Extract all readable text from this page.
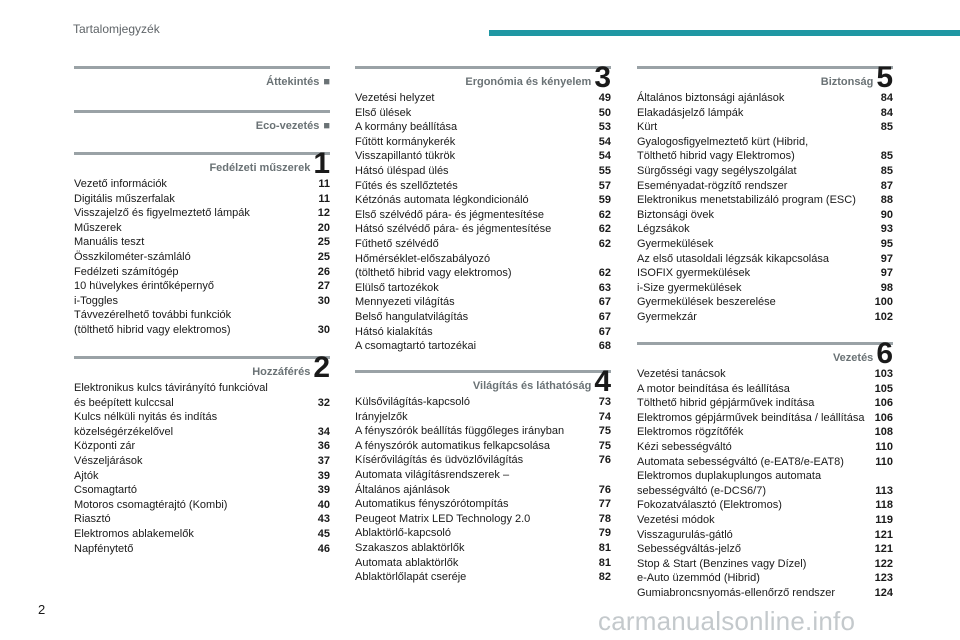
Tartalomjegyzék
Áttekintés ■
Eco-vezetés ■
Fedélzeti műszerek 1
Vezető információk	11
Digitális műszerfalak	11
Visszajelző és figyelmeztető lámpák	12
Műszerek	20
Manuális teszt	25
Összkilométer-számláló	25
Fedélzeti számítógép	26
10 hüvelykes érintőképernyő	27
i-Toggles	30
Távvezérelhető további funkciók
(tölthető hibrid vagy elektromos)	30
Hozzáférés 2
Elektronikus kulcs távirányító funkcióval
és beépített kulccsal	32
Kulcs nélküli nyitás és indítás
közelségérzékelővel	34
Központi zár	36
Vészeljárások	37
Ajtók	39
Csomagtartó	39
Motoros csomagtérajtó (Kombi)	40
Riasztó	43
Elektromos ablakemelők	45
Napfénytető	46
Ergonómia és kényelem 3
Vezetési helyzet	49
Első ülések	50
A kormány beállítása	53
Fűtött kormánykerék	54
Visszapillantó tükrök	54
Hátsó üléspad ülés	55
Fűtés és szellőztetés	57
Kétzónás automata légkondicionáló	59
Első szélvédő pára- és jégmentesítése	62
Hátsó szélvédő pára- és jégmentesítése	62
Fűthető szélvédő	62
Hőmérséklet-előszabályozó
(tölthető hibrid vagy elektromos)	62
Elülső tartozékok	63
Mennyezeti világítás	67
Belső hangulatvilágítás	67
Hátsó kialakítás	67
A csomagtartó tartozékai	68
Világítás és láthatóság 4
Külsővilágítás-kapcsoló	73
Irányjelzők	74
A fényszórók beállítás függőleges irányban	75
A fényszórók automatikus felkapcsolása	75
Kísérővilágítás és üdvözlővilágítás	76
Automata világításrendszerek –
Általános ajánlások	76
Automatikus fényszórótompítás	77
Peugeot Matrix LED Technology 2.0	78
Ablaktörlő-kapcsoló	79
Szakaszos ablaktörlők	81
Automata ablaktörlők	81
Ablaktörlőlapát cseréje	82
Biztonság 5
Általános biztonsági ajánlások	84
Elakadásjelző lámpák	84
Kürt	85
Gyalogosfigyelmeztető kürt (Hibrid,
Tölthető hibrid vagy Elektromos)	85
Sürgősségi vagy segélyszolgálat	85
Eseményadat-rögzítő rendszer	87
Elektronikus menetstabilizáló program (ESC) 88
Biztonsági övek	90
Légzsákok	93
Gyermekülések	95
Az első utasoldali légzsák kikapcsolása	97
ISOFIX gyermekülések	97
i-Size gyermekülések	98
Gyermekülések beszerelése	100
Gyermekzár	102
Vezetés 6
Vezetési tanácsok	103
A motor beindítása és leállítása	105
Tölthető hibrid gépjárművek indítása	106
Elektromos gépjárművek beindítása / leállítása 106
Elektromos rögzítőfék	108
Kézi sebességváltó	110
Automata sebességváltó (e-EAT8/e-EAT8)	110
Elektromos duplakuplungos automata
sebességváltó (e-DCS6/7)	113
Fokozatválasztó (Elektromos)	118
Vezetési módok	119
Visszagurulás-gátló	121
Sebességváltás-jelző	121
Stop & Start (Benzines vagy Dízel)	122
e-Auto üzemmód (Hibrid)	123
Gumiabroncsnyomás-ellenőrző rendszer	124
2	carmanualsonline.info
